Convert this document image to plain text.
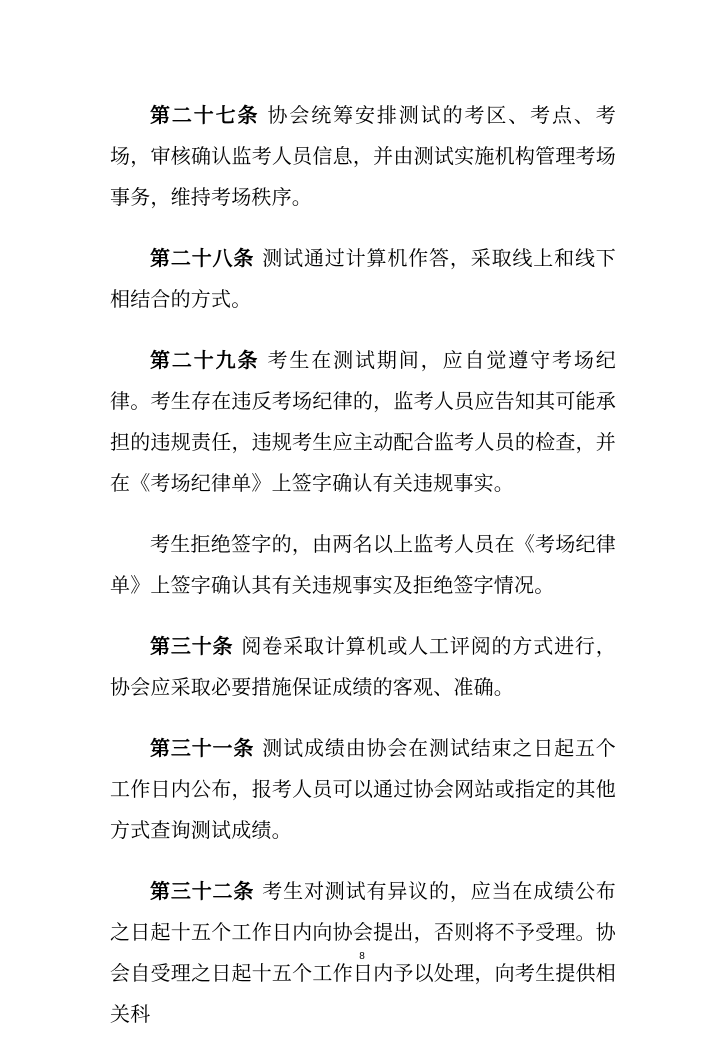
第二十七条 协会统筹安排测试的考区、考点、考场，审核确认监考人员信息，并由测试实施机构管理考场事务，维持考场秩序。

第二十八条 测试通过计算机作答，采取线上和线下相结合的方式。

第二十九条 考生在测试期间，应自觉遵守考场纪律。考生存在违反考场纪律的，监考人员应告知其可能承担的违规责任，违规考生应主动配合监考人员的检查，并在《考场纪律单》上签字确认有关违规事实。

考生拒绝签字的，由两名以上监考人员在《考场纪律单》上签字确认其有关违规事实及拒绝签字情况。

第三十条 阅卷采取计算机或人工评阅的方式进行，协会应采取必要措施保证成绩的客观、准确。

第三十一条 测试成绩由协会在测试结束之日起五个工作日内公布，报考人员可以通过协会网站或指定的其他方式查询测试成绩。

第三十二条 考生对测试有异议的，应当在成绩公布之日起十五个工作日内向协会提出，否则将不予受理。协会自受理之日起十五个工作日内予以处理，向考生提供相关科

8
